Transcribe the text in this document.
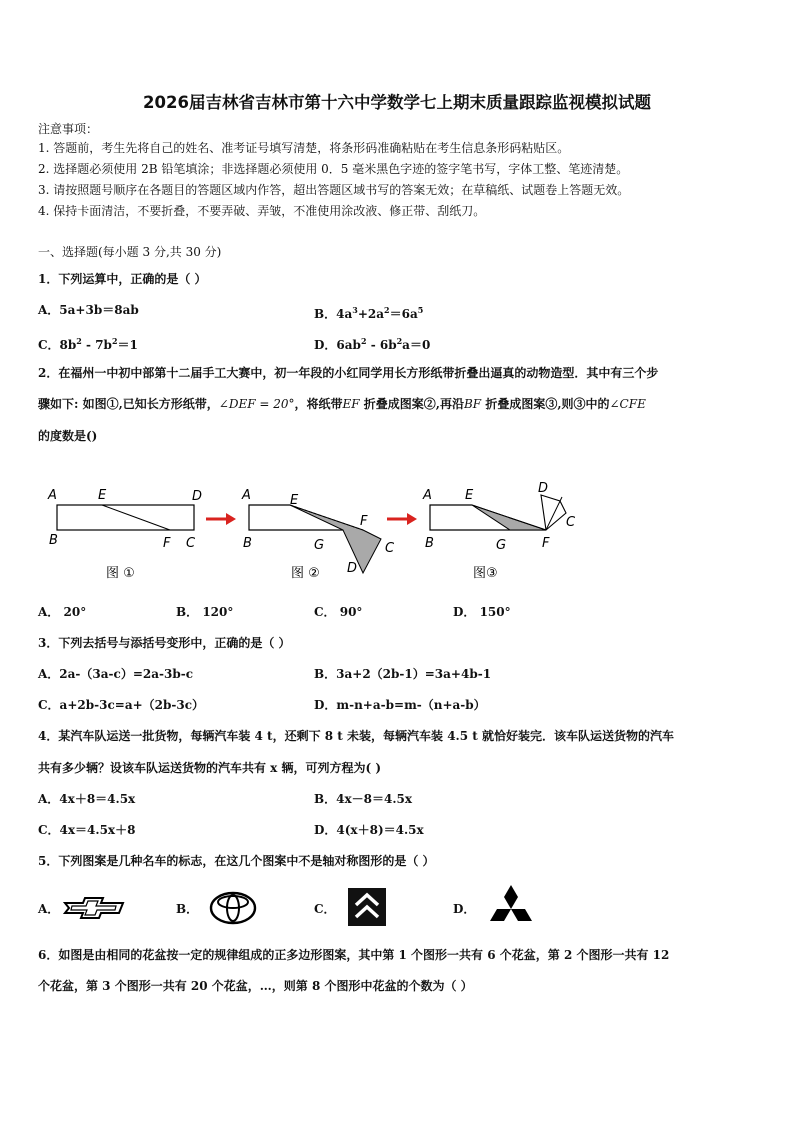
2026届吉林省吉林市第十六中学数学七上期末质量跟踪监视模拟试题
注意事项：
1. 答题前，考生先将自己的姓名、准考证号填写清楚，将条形码准确粘贴在考生信息条形码粘贴区。
2. 选择题必须使用 2B 铅笔填涂；非选择题必须使用 0．5 毫米黑色字迹的签字笔书写，字体工整、笔迹清楚。
3. 请按照题号顺序在各题目的答题区域内作答，超出答题区域书写的答案无效；在草稿纸、试题卷上答题无效。
4. 保持卡面清洁，不要折叠，不要弄破、弄皱，不准使用涂改液、修正带、刮纸刀。
一、选择题(每小题 3 分,共 30 分)
1．下列运算中，正确的是（ ）
A．5a+3b＝8ab	B．$4a^3+2a^2=6a^5$
C．$8b^2 - 7b^2=1$	D．$6ab^2 - 6b^2a=0$
2．在福州一中初中部第十二届手工大赛中，初一年段的小红同学用长方形纸带折叠出逼真的动物造型．其中有三个步
骤如下: 如图①,已知长方形纸带，∠DEF = 20°，将纸带EF 折叠成图案②,再沿BF 折叠成图案③,则③中的∠CFE
的度数是()
A	E	D
B	F C
图 ①
A	E
F
B	G	C
D
图 ②
A	E	D
C
B	G	F
图③
A． 20°	B． 120°	C． 90°	D． 150°
3．下列去括号与添括号变形中，正确的是（ ）
A．2a-（3a-c）=2a-3b-c	B．3a+2（2b-1）=3a+4b-1
C．a+2b-3c=a+（2b-3c）	D．m-n+a-b=m-（n+a-b）
4．某汽车队运送一批货物，每辆汽车装 4 t，还剩下 8 t 未装，每辆汽车装 4.5 t 就恰好装完．该车队运送货物的汽车
共有多少辆？设该车队运送货物的汽车共有 x 辆，可列方程为( )
A．4x＋8＝4.5x	B．4x－8＝4.5x
C．4x＝4.5x＋8	D．4(x＋8)＝4.5x
5．下列图案是几种名车的标志，在这几个图案中不是轴对称图形的是（ ）
A．	B．	C．	D．
6．如图是由相同的花盆按一定的规律组成的正多边形图案，其中第 1 个图形一共有 6 个花盆，第 2 个图形一共有 12
个花盆，第 3 个图形一共有 20 个花盆，…，则第 8 个图形中花盆的个数为（ ）
